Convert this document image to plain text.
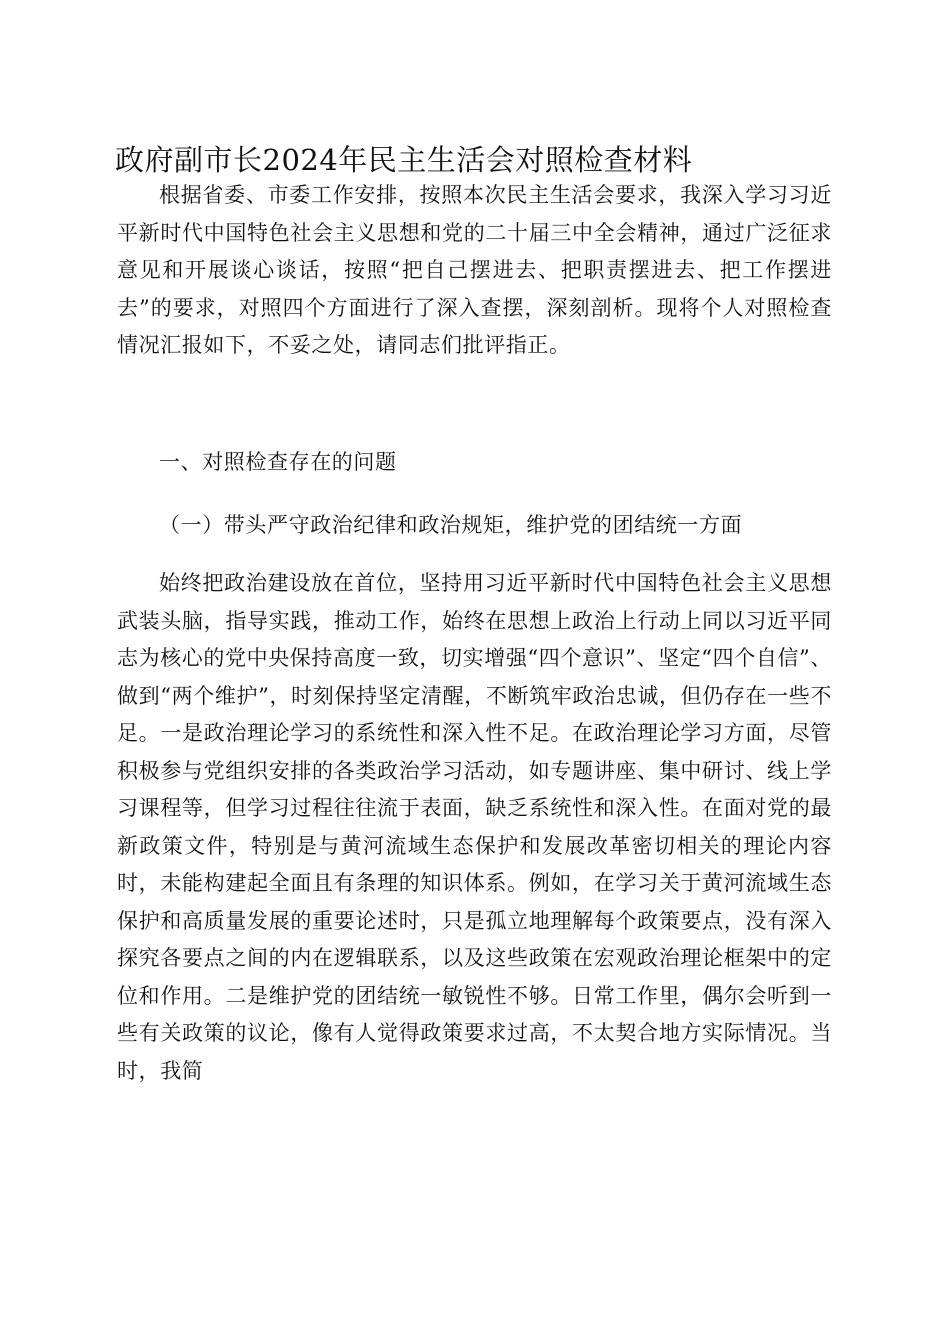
政府副市长2024年民主生活会对照检查材料

根据省委、市委工作安排，按照本次民主生活会要求，我深入学习习近平新时代中国特色社会主义思想和党的二十届三中全会精神，通过广泛征求意见和开展谈心谈话，按照“把自己摆进去、把职责摆进去、把工作摆进去”的要求，对照四个方面进行了深入查摆，深刻剖析。现将个人对照检查情况汇报如下，不妥之处，请同志们批评指正。

一、对照检查存在的问题

（一）带头严守政治纪律和政治规矩，维护党的团结统一方面

始终把政治建设放在首位，坚持用习近平新时代中国特色社会主义思想武装头脑，指导实践，推动工作，始终在思想上政治上行动上同以习近平同志为核心的党中央保持高度一致，切实增强“四个意识”、坚定“四个自信”、做到“两个维护”，时刻保持坚定清醒，不断筑牢政治忠诚，但仍存在一些不足。一是政治理论学习的系统性和深入性不足。在政治理论学习方面，尽管积极参与党组织安排的各类政治学习活动，如专题讲座、集中研讨、线上学习课程等，但学习过程往往流于表面，缺乏系统性和深入性。在面对党的最新政策文件，特别是与黄河流域生态保护和发展改革密切相关的理论内容时，未能构建起全面且有条理的知识体系。例如，在学习关于黄河流域生态保护和高质量发展的重要论述时，只是孤立地理解每个政策要点，没有深入探究各要点之间的内在逻辑联系，以及这些政策在宏观政治理论框架中的定位和作用。二是维护党的团结统一敏锐性不够。日常工作里，偶尔会听到一些有关政策的议论，像有人觉得政策要求过高，不太契合地方实际情况。当时，我简
